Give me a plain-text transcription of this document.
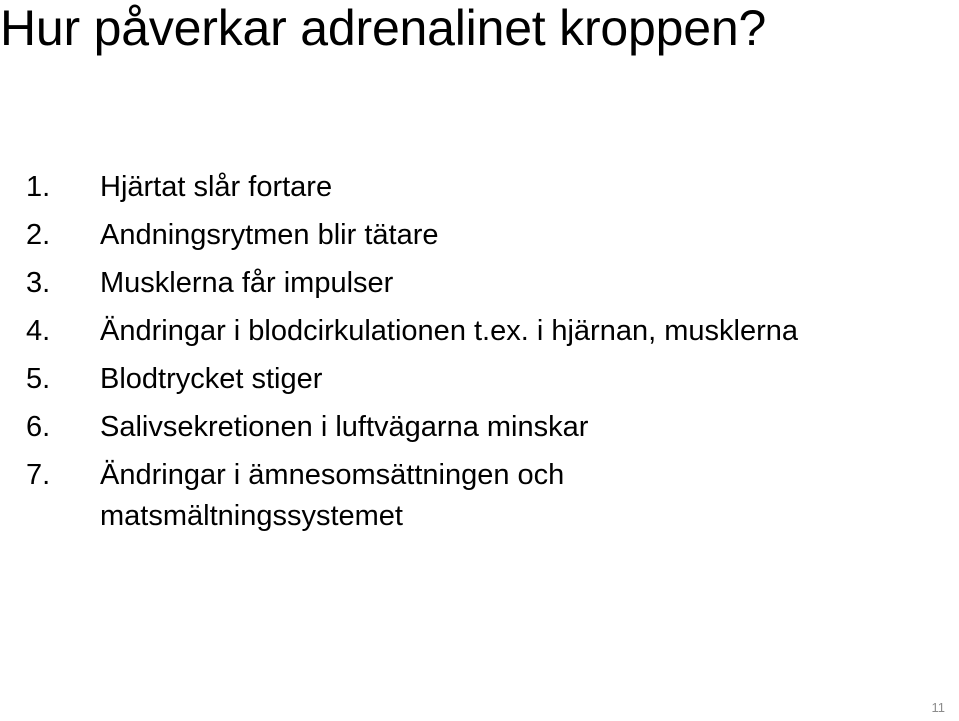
Hur påverkar adrenalinet kroppen?
1.	Hjärtat slår fortare
2.	Andningsrytmen blir tätare
3.	Musklerna får impulser
4.	Ändringar i blodcirkulationen t.ex. i hjärnan, musklerna
5.	Blodtrycket stiger
6.	Salivsekretionen i luftvägarna minskar
7.	Ändringar i ämnesomsättningen och matsmältningssystemet
11
